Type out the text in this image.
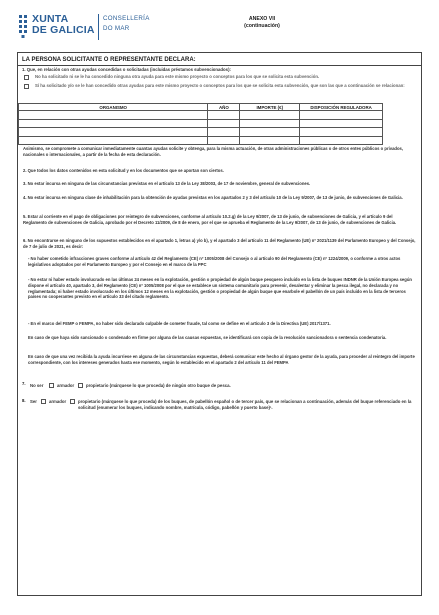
XUNTA
DE GALICIA
CONSELLERÍA
DO MAR
ANEXO VII
(continuación)
LA PERSONA SOLICITANTE O REPRESENTANTE DECLARA:
1. Que, en relación con otras ayudas concedidas o solicitadas (incluidas préstamos subvencionados):
No ha solicitado ni se le ha concedido ninguna otra ayuda para este mismo proyecto o conceptos para los que se solicita esta subvención.
Sí ha solicitado y/o se le han concedido otras ayudas para este mismo proyecto o conceptos para los que se solicita esta subvención, que son las que a continuación se relacionan:
ORGANISMO	AÑO	IMPORTE (€)	DISPOSICIÓN REGULADORA

Asimismo, se compromete a comunicar inmediatamente cuantas ayudas solicite y obtenga, para la misma actuación, de otras administraciones públicas o de otros entes públicos o privados, nacionales o internacionales, a partir de la fecha de esta declaración.
2. Que todos los datos contenidos en esta solicitud y en los documentos que se aportan son ciertos.
3. No estar incursa en ninguna de las circunstancias previstas en el artículo 13 de la Ley 38/2003, de 17 de noviembre, general de subvenciones.
4. No estar incursa en ninguna clase de inhabilitación para la obtención de ayudas previstas en los apartados 2 y 3 del artículo 10 de la Ley 9/2007, de 13 de junio, de subvenciones de Galicia.
5. Estar al corriente en el pago de obligaciones por reintegro de subvenciones, conforme al artículo 10.2.g) de la Ley 9/2007, de 13 de junio, de subvenciones de Galicia, y el artículo 9 del Reglamento de subvenciones de Galicia, aprobado por el Decreto 11/2009, de 8 de enero, por el que se aprueba el Reglamento de la Ley 9/2007, de 13 de junio, de subvenciones de Galicia.
6. No encontrarse en ninguno de los supuestos establecidos en el apartado 1, letras a) y/o b), y el apartado 3 del artículo 11 del Reglamento (UE) nº 2021/1139 del Parlamento Europeo y del Consejo, de 7 de julio de 2021, es decir:
- No haber cometido infracciones graves conforme al artículo 42 del Reglamento (CE) nº 1005/2008 del Consejo o al artículo 90 del Reglamento (CE) nº 1224/2009, o conforme a otros actos legislativos adoptados por el Parlamento Europeo y por el Consejo en el marco de la PPC
- No estar ni haber estado involucrado en las últimas 24 meses en la explotación, gestión o propiedad de algún buque pesquero incluido en la lista de buques INDNR de la Unión Europea según dispone el artículo 40, apartado 3, del Reglamento (CE) nº 1005/2008 por el que se establece un sistema comunitario para prevenir, desalentar y eliminar la pesca ilegal, no declarada y no reglamentada; ni haber estado involucrado en los últimos 12 meses en la explotación, gestión o propiedad de algún buque que enarbole el pabellón de un país incluido en la lista de terceros países no cooperantes previsto en el artículo 33 del citado reglamento.
- En el marco del FEMP o FEMPA, no haber sido declarado culpable de cometer fraude, tal como se define en el artículo 3 de la Directiva (UE) 2017/1371.
En caso de que haya sido sancionado o condenado en firme por alguna de las causas expuestas, se identificará con copia de la resolución sancionadora o sentencia condenatoria.
En caso de que una vez recibida la ayuda incurriese en alguna de las circunstancias expuestas, deberá comunicar este hecho al órgano gestor de la ayuda, para proceder al reintegro del importe correspondiente, con los intereses generados hasta ese momento, según lo establecido en el apartado 2 del artículo 11 del FEMPA
7. No ser	armador	propietario (márquese lo que proceda) de ningún otro buque de pesca.
8. Ser	armador	propietario (márquese lo que proceda) de los buques, de pabellón español o de tercer país, que se relacionan a continuación, además del buque referenciado en la solicitud (enumerar los buques, indicando nombre, matrícula, código, pabellón y puerto base)¹.
